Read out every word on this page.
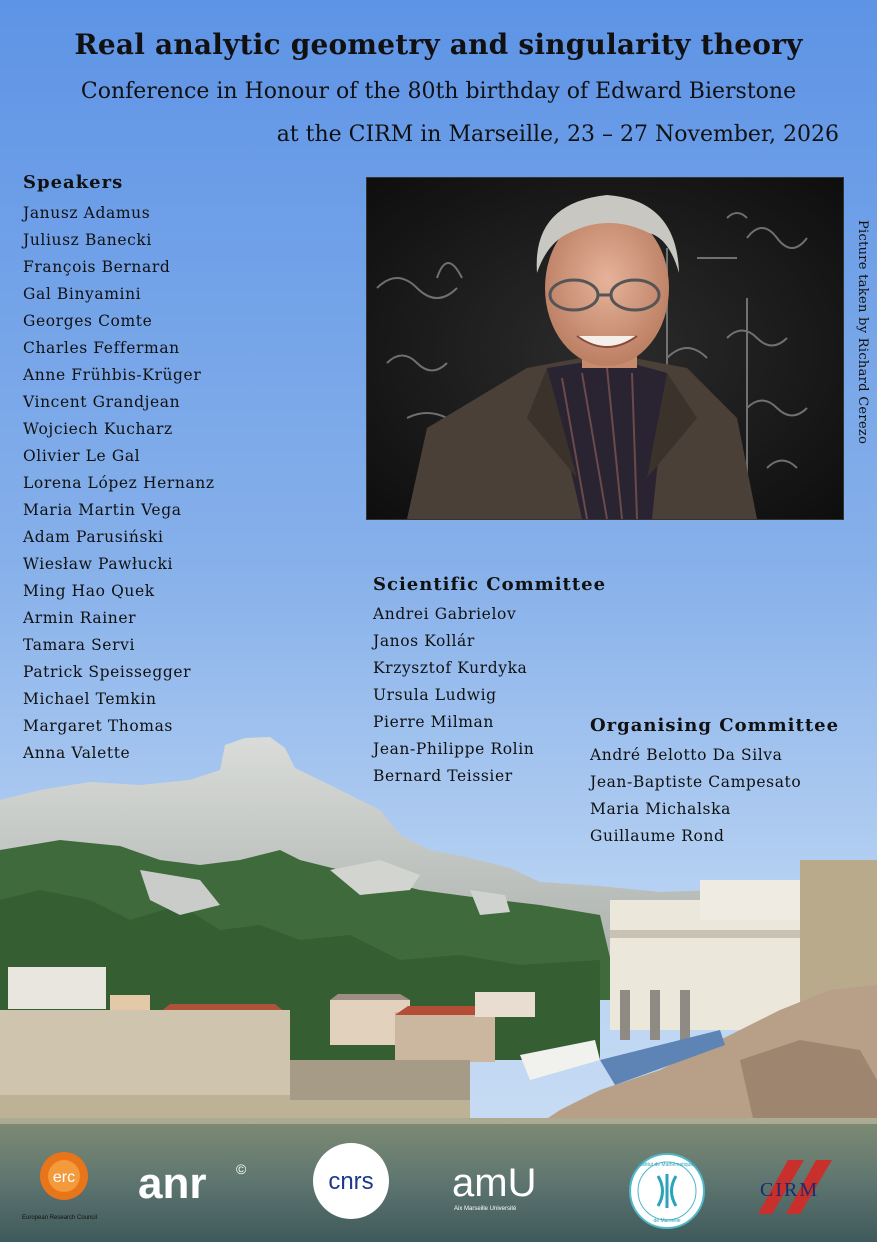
Real analytic geometry and singularity theory
Conference in Honour of the 80th birthday of Edward Bierstone
at the CIRM in Marseille, 23 – 27 November, 2026
Speakers
Janusz Adamus
Juliusz Banecki
François Bernard
Gal Binyamini
Georges Comte
Charles Fefferman
Anne Frühbis-Krüger
Vincent Grandjean
Wojciech Kucharz
Olivier Le Gal
Lorena López Hernanz
Maria Martin Vega
Adam Parusiński
Wiesław Pawłucki
Ming Hao Quek
Armin Rainer
Tamara Servi
Patrick Speissegger
Michael Temkin
Margaret Thomas
Anna Valette
Picture taken by Richard Cerezo
Scientific Committee
Andrei Gabrielov
Janos Kollár
Krzysztof Kurdyka
Ursula Ludwig
Pierre Milman
Jean-Philippe Rolin
Bernard Teissier
Organising Committee
André Belotto Da Silva
Jean-Baptiste Campesato
Maria Michalska
Guillaume Rond
erc
European Research Council
anr ©	cnrs amU
Aix Marseille Université
Institut de Mathématiques
de Marseille
CIRM
